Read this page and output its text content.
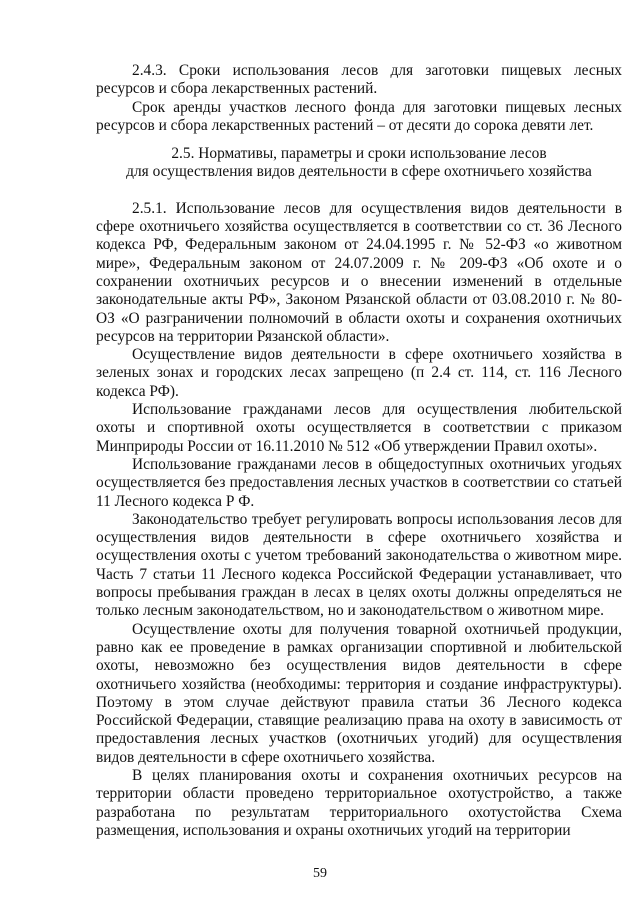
2.4.3. Сроки использования лесов для заготовки пищевых лесных ресурсов и сбора лекарственных растений.

Срок аренды участков лесного фонда для заготовки пищевых лесных ресурсов и сбора лекарственных растений – от десяти до сорока девяти лет.

2.5. Нормативы, параметры и сроки использование лесов
для осуществления видов деятельности в сфере охотничьего хозяйства

2.5.1. Использование лесов для осуществления видов деятельности в сфере охотничьего хозяйства осуществляется в соответствии со ст. 36 Лесного кодекса РФ, Федеральным законом от 24.04.1995 г. № 52-ФЗ «о животном мире», Федеральным законом от 24.07.2009 г. № 209-ФЗ «Об охоте и о сохранении охотничьих ресурсов и о внесении изменений в отдельные законодательные акты РФ», Законом Рязанской области от 03.08.2010 г. № 80-ОЗ «О разграничении полномочий в области охоты и сохранения охотничьих ресурсов на территории Рязанской области».

Осуществление видов деятельности в сфере охотничьего хозяйства в зеленых зонах и городских лесах запрещено (п 2.4 ст. 114, ст. 116 Лесного кодекса РФ).

Использование гражданами лесов для осуществления любительской охоты и спортивной охоты осуществляется в соответствии с приказом Минприроды России от 16.11.2010 № 512 «Об утверждении Правил охоты».

Использование гражданами лесов в общедоступных охотничьих угодьях осуществляется без предоставления лесных участков в соответствии со статьей 11 Лесного кодекса Р Ф.

Законодательство требует регулировать вопросы использования лесов для осуществления видов деятельности в сфере охотничьего хозяйства и осуществления охоты с учетом требований законодательства о животном мире. Часть 7 статьи 11 Лесного кодекса Российской Федерации устанавливает, что вопросы пребывания граждан в лесах в целях охоты должны определяться не только лесным законодательством, но и законодательством о животном мире.

Осуществление охоты для получения товарной охотничьей продукции, равно как ее проведение в рамках организации спортивной и любительской охоты, невозможно без осуществления видов деятельности в сфере охотничьего хозяйства (необходимы: территория и создание инфраструктуры). Поэтому в этом случае действуют правила статьи 36 Лесного кодекса Российской Федерации, ставящие реализацию права на охоту в зависимость от предоставления лесных участков (охотничьих угодий) для осуществления видов деятельности в сфере охотничьего хозяйства.

В целях планирования охоты и сохранения охотничьих ресурсов на территории области проведено территориальное охотустройство, а также разработана по результатам территориального охотустойства Схема размещения, использования и охраны охотничьих угодий на территории

59
